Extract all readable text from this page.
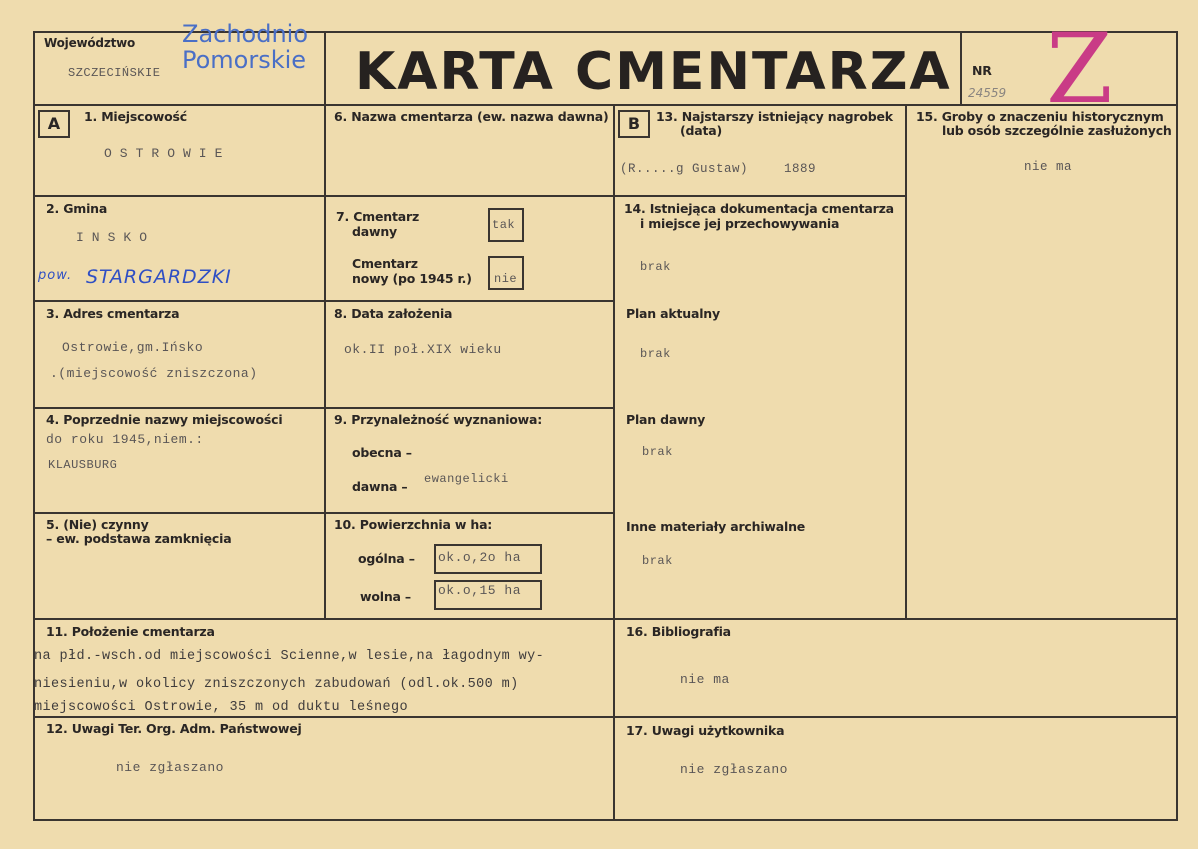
Województwo
SZCZECIŃSKIE
Zachodnio
Pomorskie KARTA CMENTARZA NR
24559 Z
A	B
1. Miejscowość
OSTROWIE
2. Gmina
INSKO
pow. STARGARDZKI
3. Adres cmentarza
Ostrowie,gm.Ińsko
.(miejscowość zniszczona)
4. Poprzednie nazwy miejscowości
do roku 1945,niem.:
KLAUSBURG
5. (Nie) czynny
– ew. podstawa zamknięcia
6. Nazwa cmentarza (ew. nazwa dawna)
7. Cmentarz
dawny	tak
Cmentarz
nowy (po 1945 r.) nie
8. Data założenia
ok.II poł.XIX wieku
9. Przynależność wyznaniowa:
obecna –
dawna – ewangelicki
10. Powierzchnia w ha:
ogólna – ok.o,2o ha
wolna – ok.o,15 ha
11. Położenie cmentarza
na płd.-wsch.od miejscowości Scienne,w lesie,na łagodnym wy-
niesieniu,w okolicy zniszczonych zabudowań (odl.ok.500 m)
miejscowości Ostrowie, 35 m od duktu leśnego
12. Uwagi Ter. Org. Adm. Państwowej
nie zgłaszano
13. Najstarszy istniejący nagrobek
(data)
(R.....g Gustaw)	1889
14. Istniejąca dokumentacja cmentarza
i miejsce jej przechowywania
brak
Plan aktualny
brak
Plan dawny
brak
Inne materiały archiwalne
brak
15. Groby o znaczeniu historycznym
lub osób szczególnie zasłużonych
nie ma
16. Bibliografia
nie ma
17. Uwagi użytkownika
nie zgłaszano
